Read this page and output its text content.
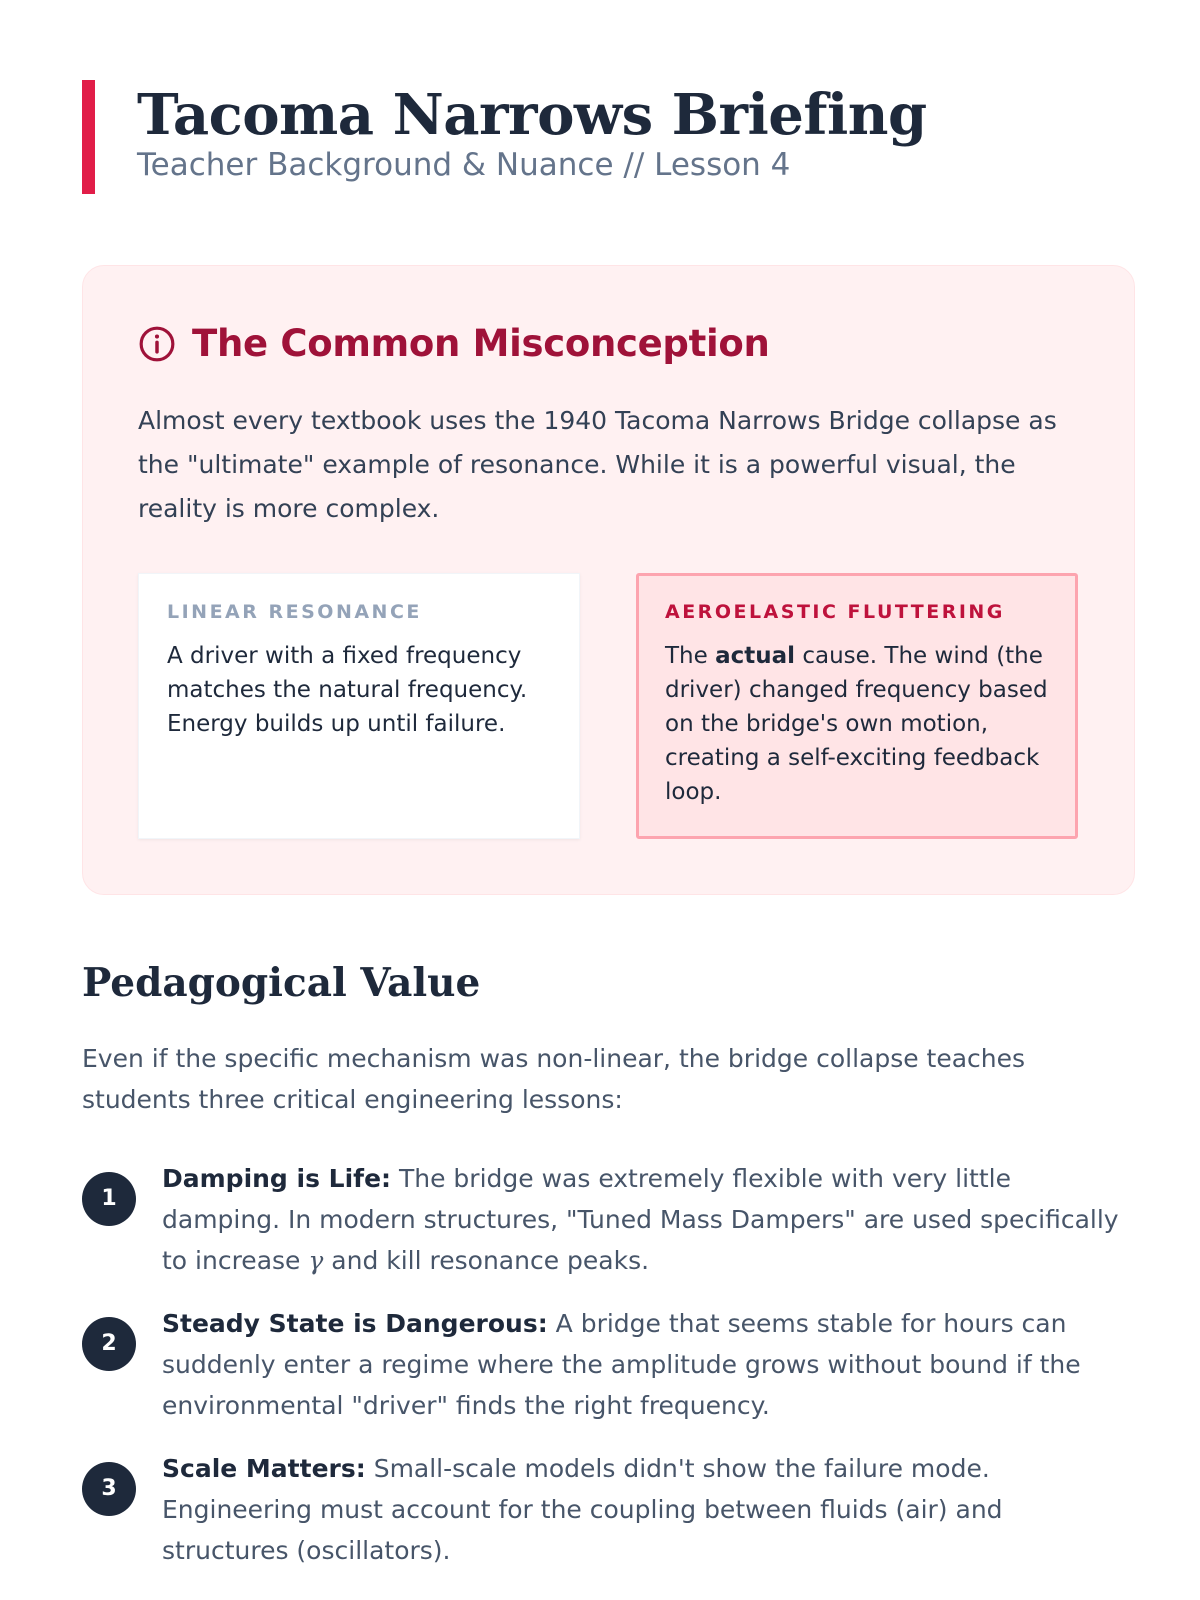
Tacoma Narrows Briefing
Teacher Background & Nuance // Lesson 4
The Common Misconception

Almost every textbook uses the 1940 Tacoma Narrows Bridge collapse as the "ultimate" example of resonance. While it is a powerful visual, the reality is more complex.

LINEAR RESONANCE
A driver with a fixed frequency matches the natural frequency. Energy builds up until failure.
AEROELASTIC FLUTTERING
The actual cause. The wind (the driver) changed frequency based on the bridge's own motion, creating a self-exciting feedback loop.
Pedagogical Value

Even if the specific mechanism was non-linear, the bridge collapse teaches students three critical engineering lessons:

1
Damping is Life: The bridge was extremely flexible with very little damping. In modern structures, "Tuned Mass Dampers" are used specifically to increase γ and kill resonance peaks.
2
Steady State is Dangerous: A bridge that seems stable for hours can suddenly enter a regime where the amplitude grows without bound if the environmental "driver" finds the right frequency.
3
Scale Matters: Small-scale models didn't show the failure mode. Engineering must account for the coupling between fluids (air) and structures (oscillators).
